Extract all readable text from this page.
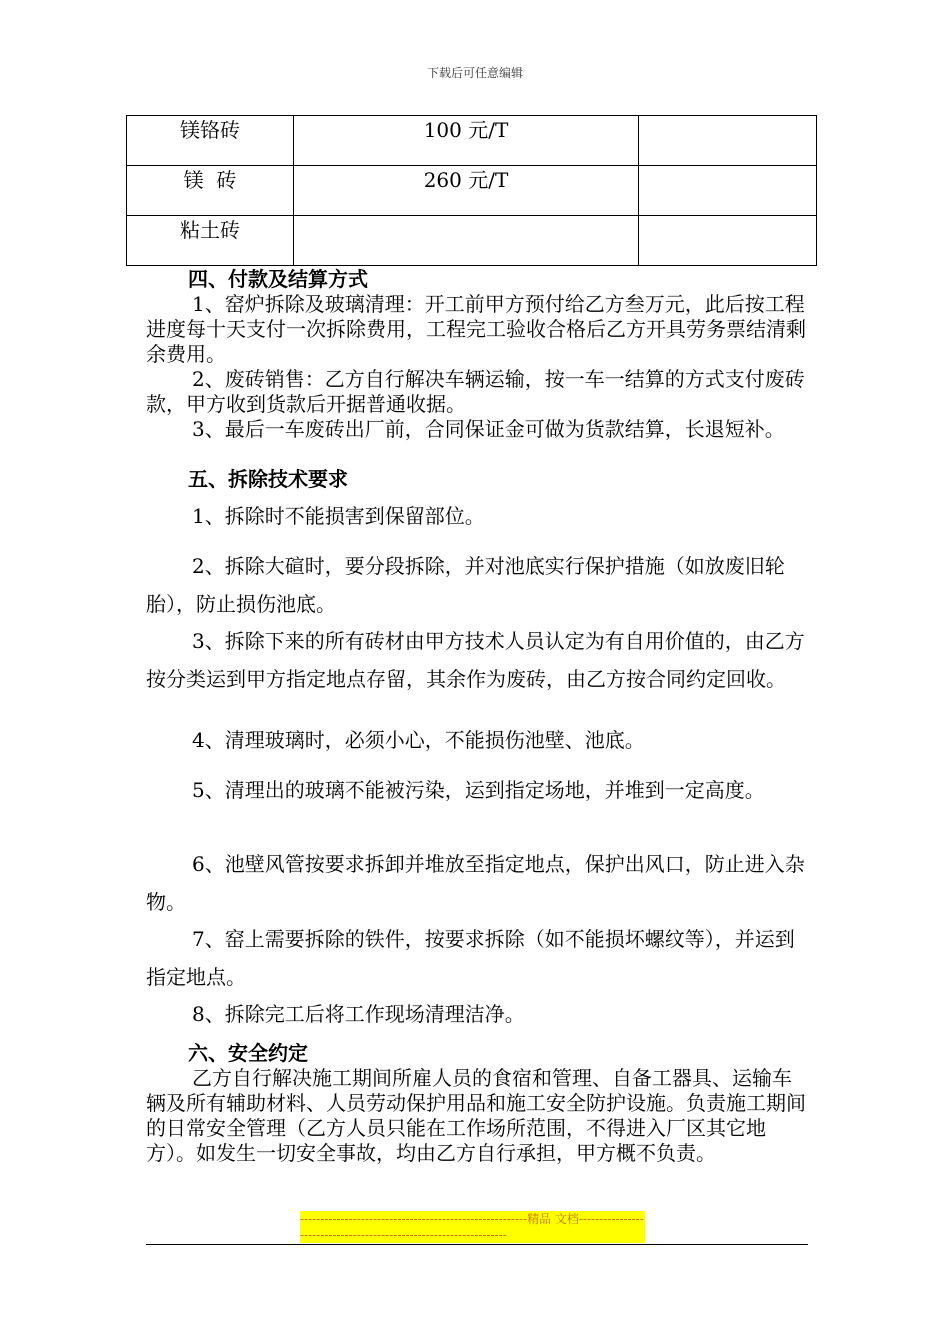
下载后可任意编辑
镁铬砖	100 元/T	
镁  砖	260 元/T	
粘土砖		

四、付款及结算方式

1、窑炉拆除及玻璃清理：开工前甲方预付给乙方叁万元，此后按工程进度每十天支付一次拆除费用，工程完工验收合格后乙方开具劳务票结清剩余费用。

2、废砖销售：乙方自行解决车辆运输，按一车一结算的方式支付废砖款，甲方收到货款后开据普通收据。

3、最后一车废砖出厂前，合同保证金可做为货款结算，长退短补。

五、拆除技术要求

1、拆除时不能损害到保留部位。

2、拆除大碹时，要分段拆除，并对池底实行保护措施（如放废旧轮胎），防止损伤池底。

3、拆除下来的所有砖材由甲方技术人员认定为有自用价值的，由乙方按分类运到甲方指定地点存留，其余作为废砖，由乙方按合同约定回收。

4、清理玻璃时，必须小心，不能损伤池壁、池底。

5、清理出的玻璃不能被污染，运到指定场地，并堆到一定高度。

6、池壁风管按要求拆卸并堆放至指定地点，保护出风口，防止进入杂物。

7、窑上需要拆除的铁件，按要求拆除（如不能损坏螺纹等），并运到指定地点。

8、拆除完工后将工作现场清理洁净。

六、安全约定

乙方自行解决施工期间所雇人员的食宿和管理、自备工器具、运输车辆及所有辅助材料、人员劳动保护用品和施工安全防护设施。负责施工期间的日常安全管理（乙方人员只能在工作场所范围，不得进入厂区其它地方）。如发生一切安全事故，均由乙方自行承担，甲方概不负责。

--------------------------------------------------------精品 文档-------------------------------------------------------------------
